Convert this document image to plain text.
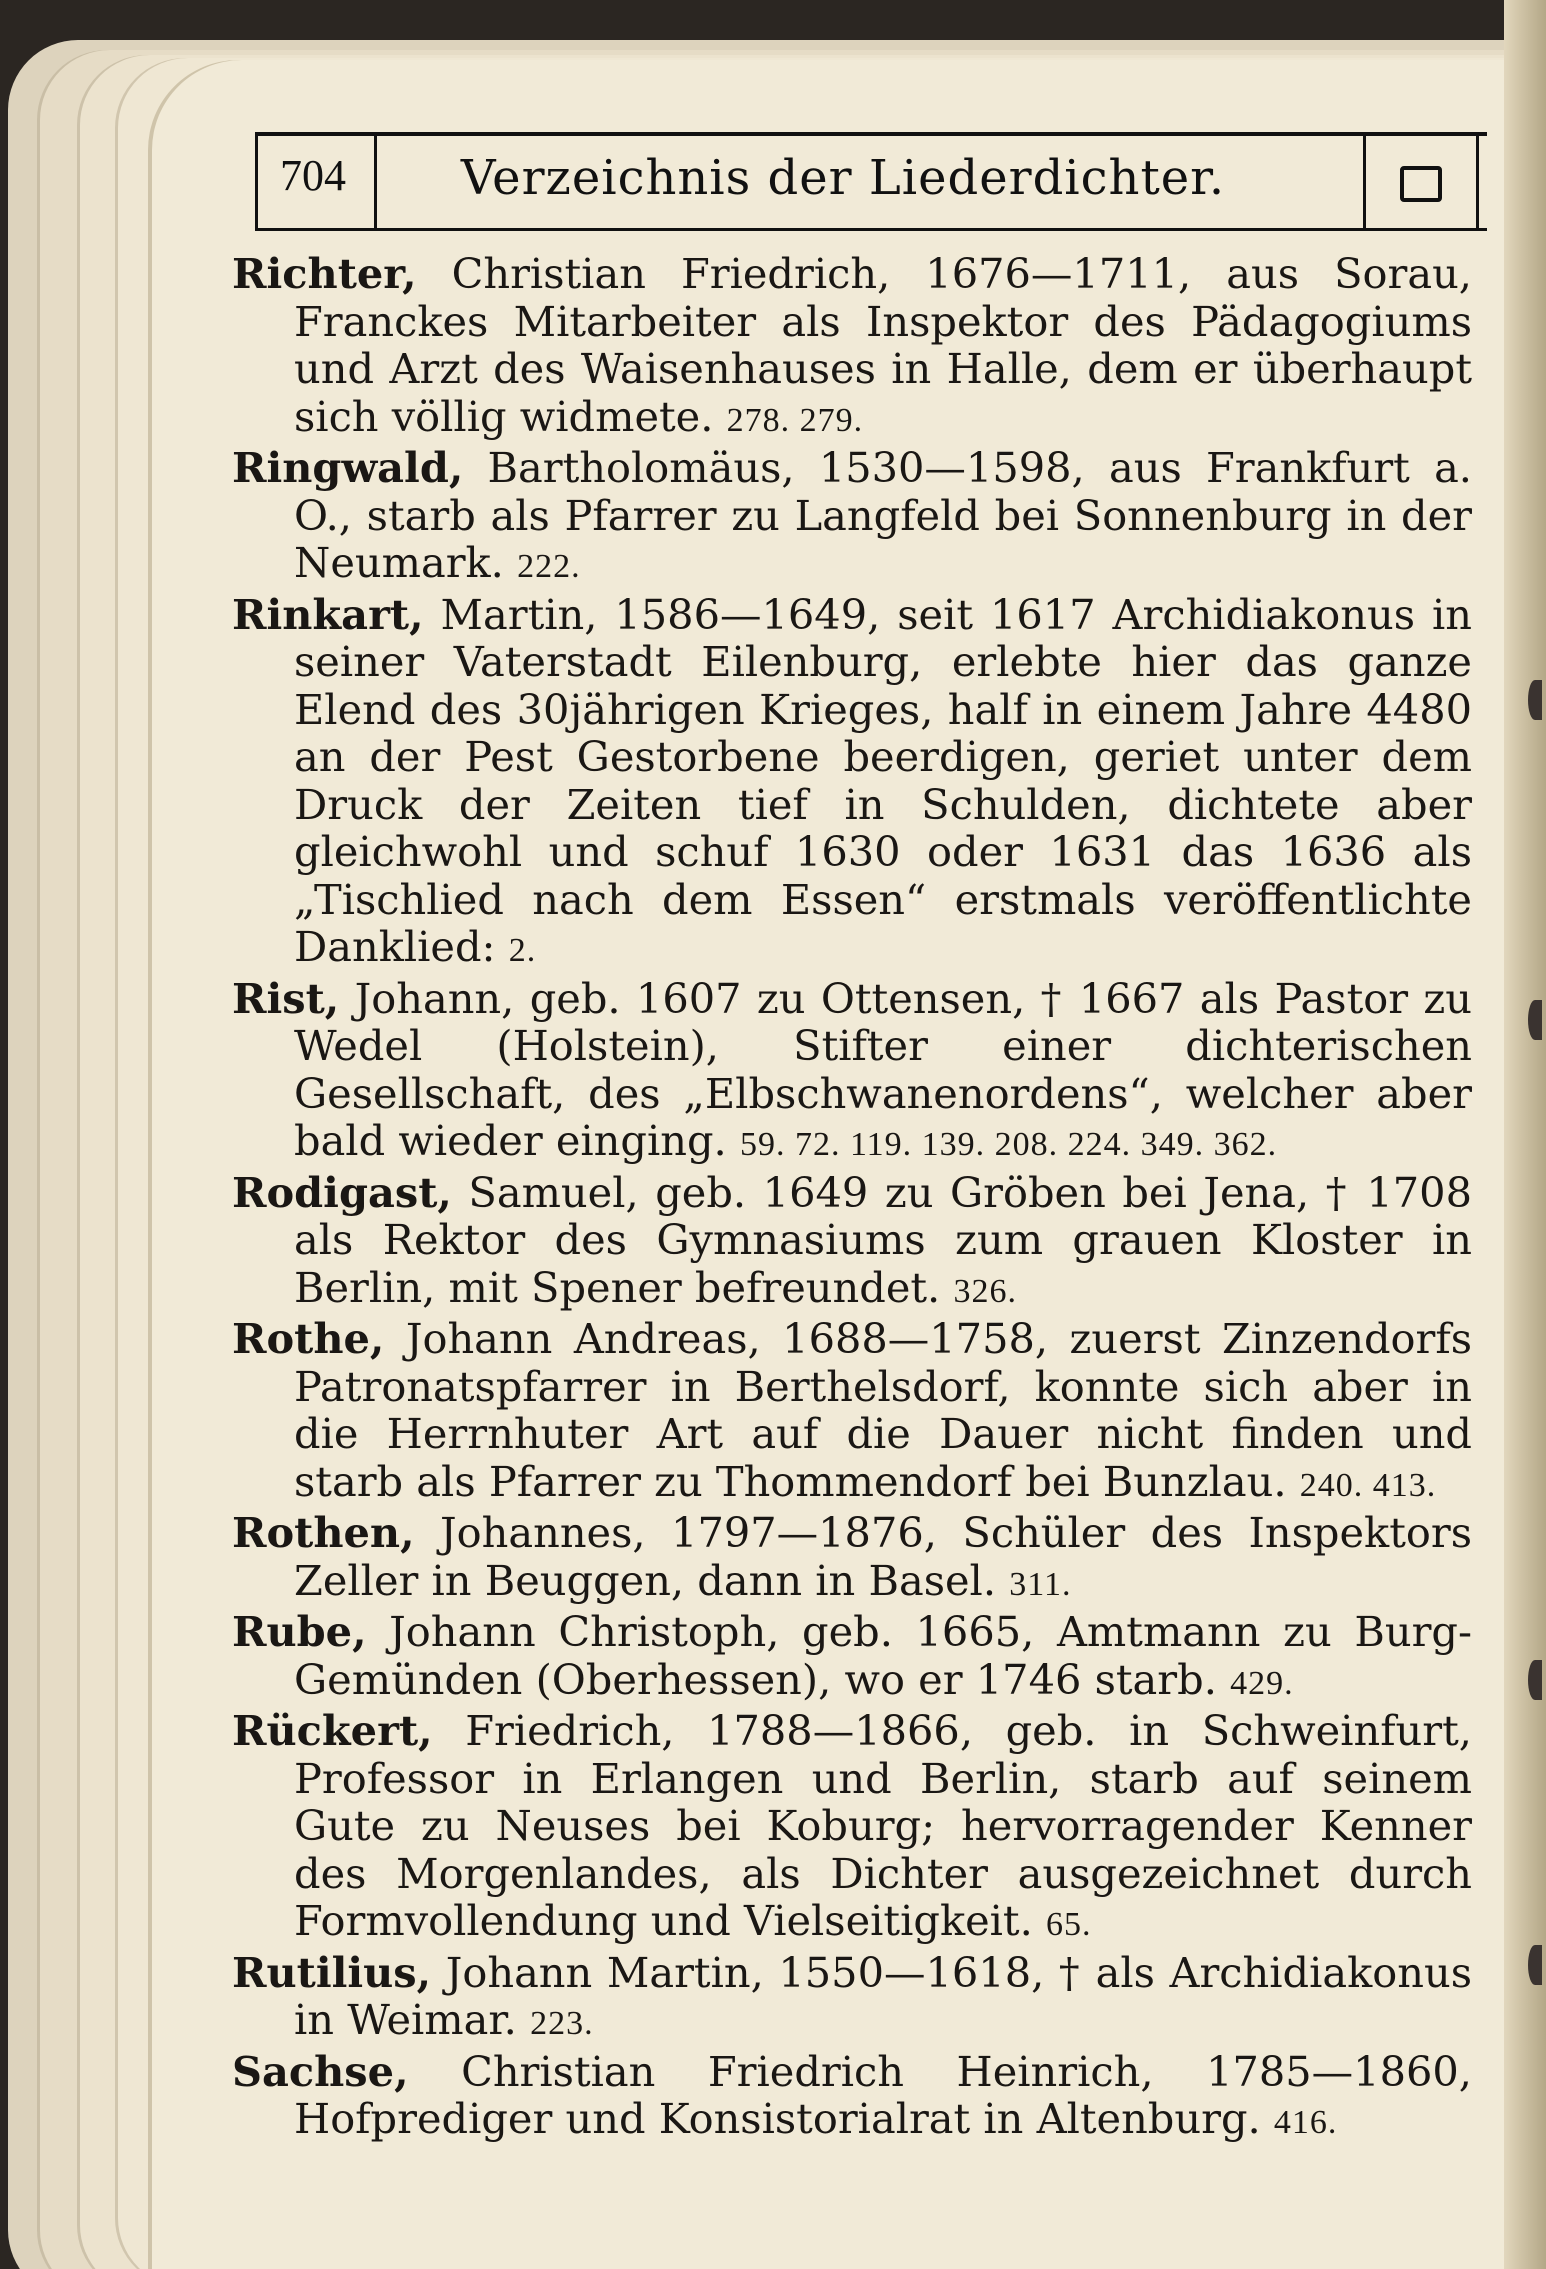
704	Verzeichnis der Liederdichter.

Richter, Christian Friedrich, 1676—1711, aus Sorau, Franckes Mitarbeiter als Inspektor des Pädagogiums und Arzt des Waisenhauses in Halle, dem er überhaupt sich völlig widmete. 278. 279.

Ringwald, Bartholomäus, 1530—1598, aus Frankfurt a. O., starb als Pfarrer zu Langfeld bei Sonnenburg in der Neumark. 222.

Rinkart, Martin, 1586—1649, seit 1617 Archidiakonus in seiner Vaterstadt Eilenburg, erlebte hier das ganze Elend des 30jährigen Krieges, half in einem Jahre 4480 an der Pest Gestorbene beerdigen, geriet unter dem Druck der Zeiten tief in Schulden, dichtete aber gleichwohl und schuf 1630 oder 1631 das 1636 als „Tischlied nach dem Essen“ erstmals veröffentlichte Danklied: 2.

Rist, Johann, geb. 1607 zu Ottensen, † 1667 als Pastor zu Wedel (Holstein), Stifter einer dichterischen Gesellschaft, des „Elbschwanenordens“, welcher aber bald wieder einging. 59. 72. 119. 139. 208. 224. 349. 362.

Rodigast, Samuel, geb. 1649 zu Gröben bei Jena, † 1708 als Rektor des Gymnasiums zum grauen Kloster in Berlin, mit Spener befreundet. 326.

Rothe, Johann Andreas, 1688—1758, zuerst Zinzendorfs Patronatspfarrer in Berthelsdorf, konnte sich aber in die Herrnhuter Art auf die Dauer nicht finden und starb als Pfarrer zu Thommendorf bei Bunzlau. 240. 413.

Rothen, Johannes, 1797—1876, Schüler des Inspektors Zeller in Beuggen, dann in Basel. 311.

Rube, Johann Christoph, geb. 1665, Amtmann zu Burg-Gemünden (Oberhessen), wo er 1746 starb. 429.

Rückert, Friedrich, 1788—1866, geb. in Schweinfurt, Professor in Erlangen und Berlin, starb auf seinem Gute zu Neuses bei Koburg; hervorragender Kenner des Morgenlandes, als Dichter ausgezeichnet durch Formvollendung und Vielseitigkeit. 65.

Rutilius, Johann Martin, 1550—1618, † als Archidiakonus in Weimar. 223.

Sachse, Christian Friedrich Heinrich, 1785—1860, Hofprediger und Konsistorialrat in Altenburg. 416.
